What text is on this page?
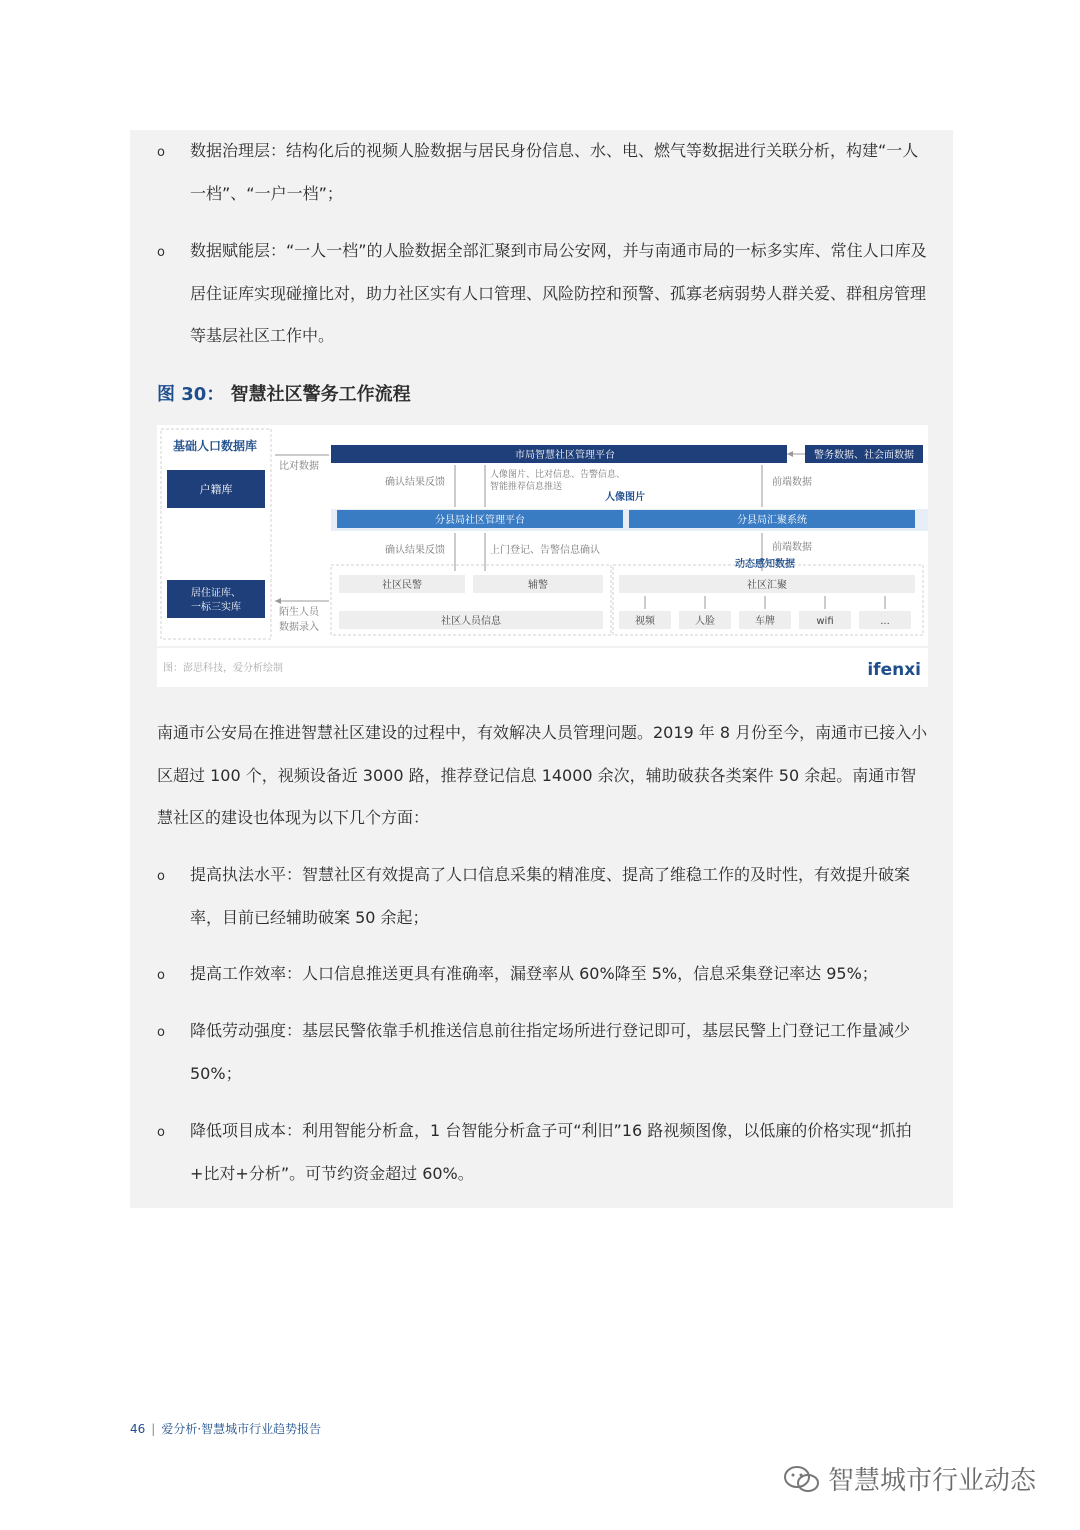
o 数据治理层：结构化后的视频人脸数据与居民身份信息、水、电、燃气等数据进行关联分析，构建“一人一档”、“一户一档”；
o 数据赋能层：“一人一档”的人脸数据全部汇聚到市局公安网，并与南通市局的一标多实库、常住人口库及居住证库实现碰撞比对，助力社区实有人口管理、风险防控和预警、孤寡老病弱势人群关爱、群租房管理等基层社区工作中。
图 30： 智慧社区警务工作流程
基础人口数据库
户籍库
居住证库、
一标三实库
比对数据
陌生人员
数据录入
市局智慧社区管理平台	警务数据、社会面数据
确认结果反馈
人像图片、比对信息、告警信息、
智能推荐信息推送
人像图片
前端数据
分县局社区管理平台	分县局汇聚系统
确认结果反馈	上门登记、告警信息确认	前端数据
动态感知数据
社区民警	辅警
社区人员信息
社区汇聚
视频	人脸	车牌	wifi	...
图：澎思科技，爱分析绘制	ifenxi
南通市公安局在推进智慧社区建设的过程中，有效解决人员管理问题。2019 年 8 月份至今，南通市已接入小区超过 100 个，视频设备近 3000 路，推荐登记信息 14000 余次，辅助破获各类案件 50 余起。南通市智慧社区的建设也体现为以下几个方面：
o 提高执法水平：智慧社区有效提高了人口信息采集的精准度、提高了维稳工作的及时性，有效提升破案率，目前已经辅助破案 50 余起；
o 提高工作效率：人口信息推送更具有准确率，漏登率从 60%降至 5%，信息采集登记率达 95%；
o 降低劳动强度：基层民警依靠手机推送信息前往指定场所进行登记即可，基层民警上门登记工作量减少 50%；
o 降低项目成本：利用智能分析盒，1 台智能分析盒子可“利旧”16 路视频图像，以低廉的价格实现“抓拍+比对+分析”。可节约资金超过 60%。
46 | 爱分析·智慧城市行业趋势报告
智慧城市行业动态
